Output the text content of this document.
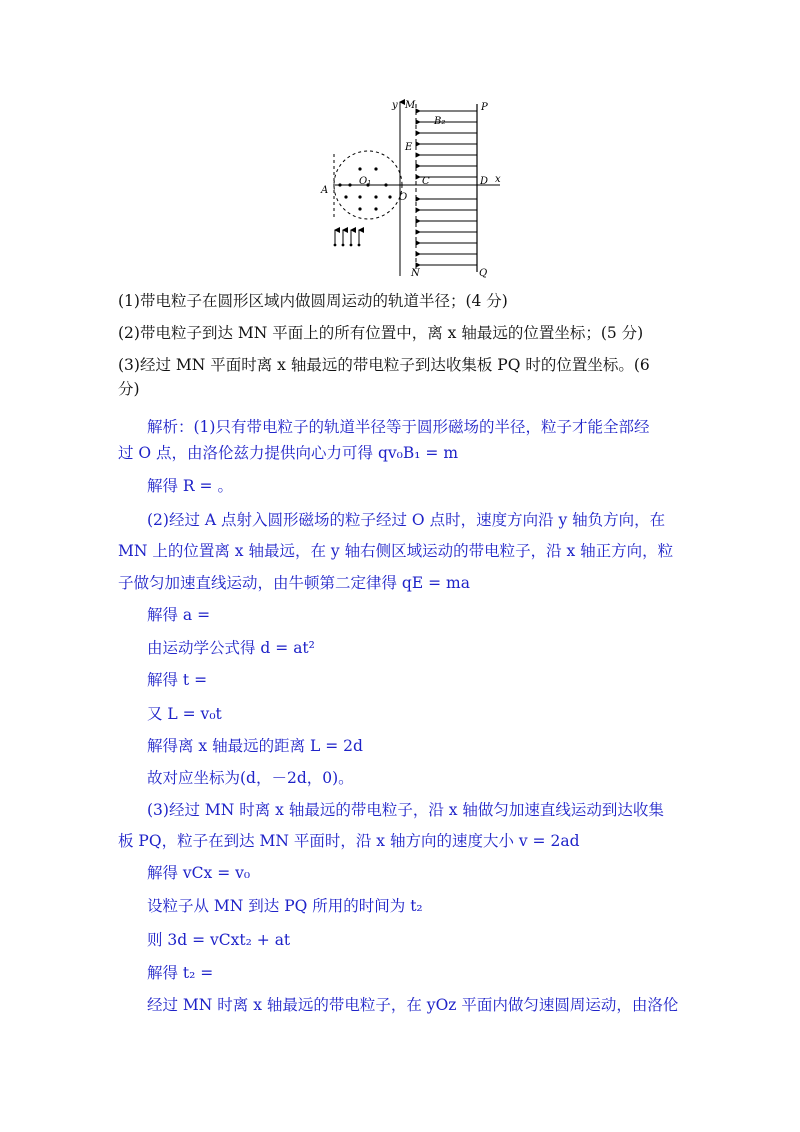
y M	P
B₂
E
O₁
A
C	D x
O
N	Q
(1)带电粒子在圆形区域内做圆周运动的轨道半径；(4 分)
(2)带电粒子到达 MN 平面上的所有位置中，离 x 轴最远的位置坐标；(5 分)
(3)经过 MN 平面时离 x 轴最远的带电粒子到达收集板 PQ 时的位置坐标。(6
分)
解析：(1)只有带电粒子的轨道半径等于圆形磁场的半径，粒子才能全部经
过 O 点，由洛伦兹力提供向心力可得 qv₀B₁ = m
解得 R = 。
(2)经过 A 点射入圆形磁场的粒子经过 O 点时，速度方向沿 y 轴负方向，在
MN 上的位置离 x 轴最远，在 y 轴右侧区域运动的带电粒子，沿 x 轴正方向，粒
子做匀加速直线运动，由牛顿第二定律得 qE = ma
解得 a =
由运动学公式得 d = at²
解得 t =
又 L = v₀t
解得离 x 轴最远的距离 L = 2d
故对应坐标为(d，－2d，0)。
(3)经过 MN 时离 x 轴最远的带电粒子，沿 x 轴做匀加速直线运动到达收集
板 PQ，粒子在到达 MN 平面时，沿 x 轴方向的速度大小 v = 2ad
解得 vCx = v₀
设粒子从 MN 到达 PQ 所用的时间为 t₂
则 3d = vCxt₂ + at
解得 t₂ =
经过 MN 时离 x 轴最远的带电粒子，在 yOz 平面内做匀速圆周运动，由洛伦
